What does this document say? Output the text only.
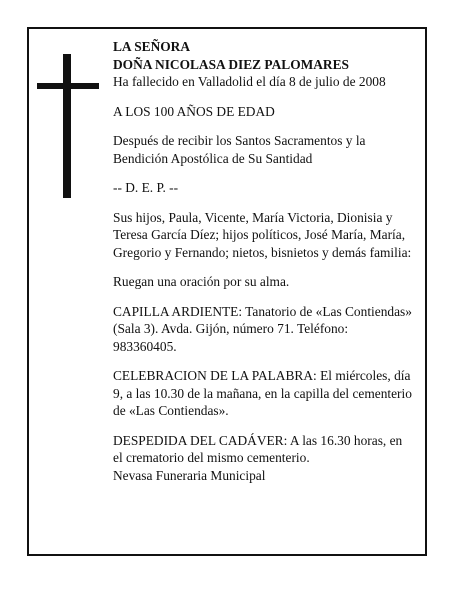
LA SEÑORA

DOÑA NICOLASA DIEZ PALOMARES

Ha fallecido en Valladolid el día 8 de julio de 2008

A LOS 100 AÑOS DE EDAD

Después de recibir los Santos Sacramentos y la
Bendición Apostólica de Su Santidad

-- D. E. P. --

Sus hijos, Paula, Vicente, María Victoria, Dionisia y
Teresa García Díez; hijos políticos, José María, María,
Gregorio y Fernando; nietos, bisnietos y demás familia:

Ruegan una oración por su alma.

CAPILLA ARDIENTE: Tanatorio de «Las Contiendas»
(Sala 3). Avda. Gijón, número 71. Teléfono:
983360405.

CELEBRACION DE LA PALABRA: El miércoles, día
9, a las 10.30 de la mañana, en la capilla del cementerio
de «Las Contiendas».

DESPEDIDA DEL CADÁVER: A las 16.30 horas, en
el crematorio del mismo cementerio.

Nevasa Funeraria Municipal
